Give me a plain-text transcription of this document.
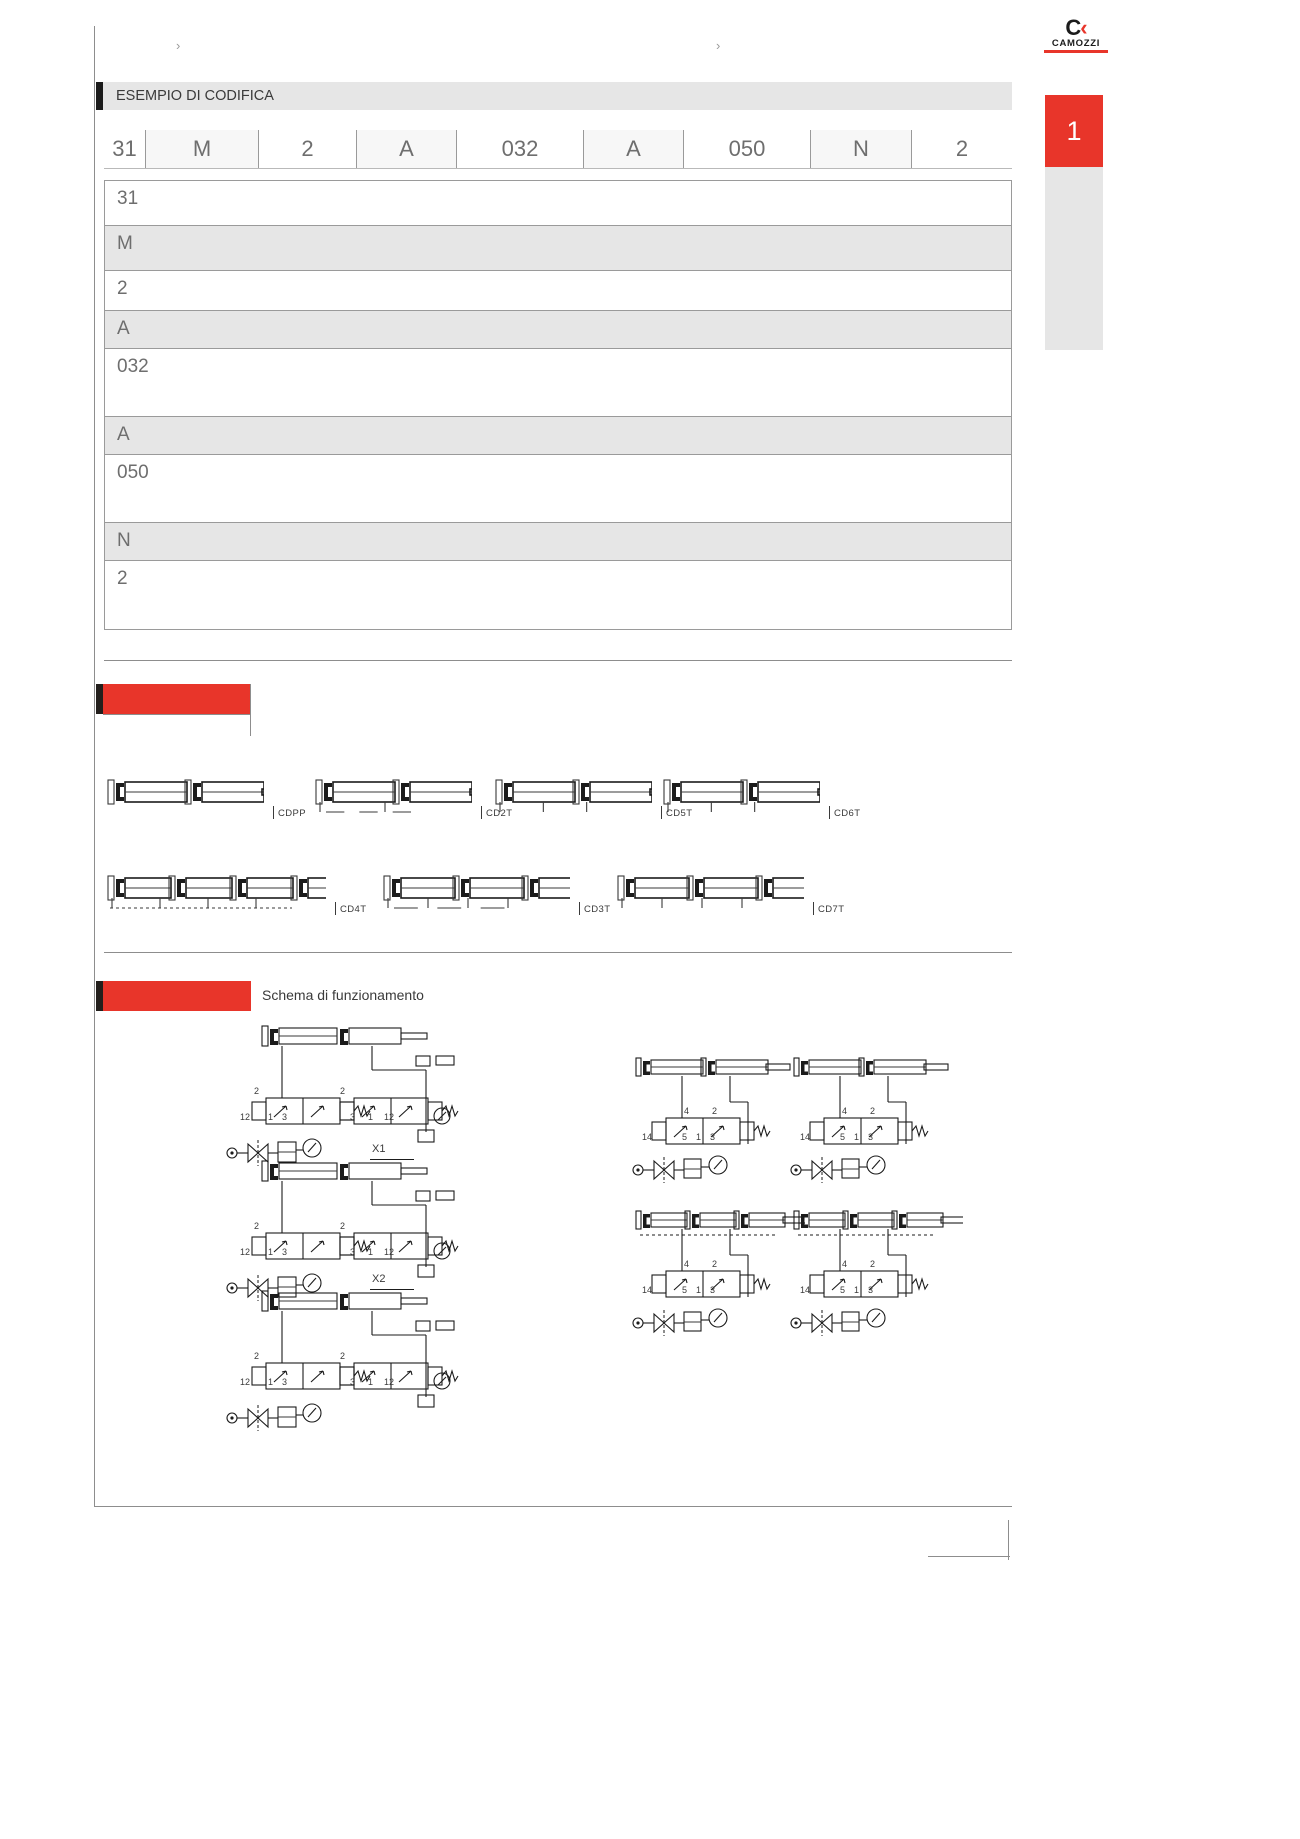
C‹
CAMOZZI
1
›	›
ESEMPIO DI CODIFICA
31	M	2	A	032	A	050	N	2
31
M
2
A
032
A
050
N
2
CDPP	CD2T	CD5T	CD6T
CD4T	CD3T	CD7T
Schema di funzionamento
2
1 3
12
2
3 1 12
2
1 3
12
2
3 1 12
X1
2
1 3
12
2
3 1 12
X2
4	2
14	5 1 3
4	2
14	5 1 3
4	2
14	5 1 3
4	2
14	5 1 3
